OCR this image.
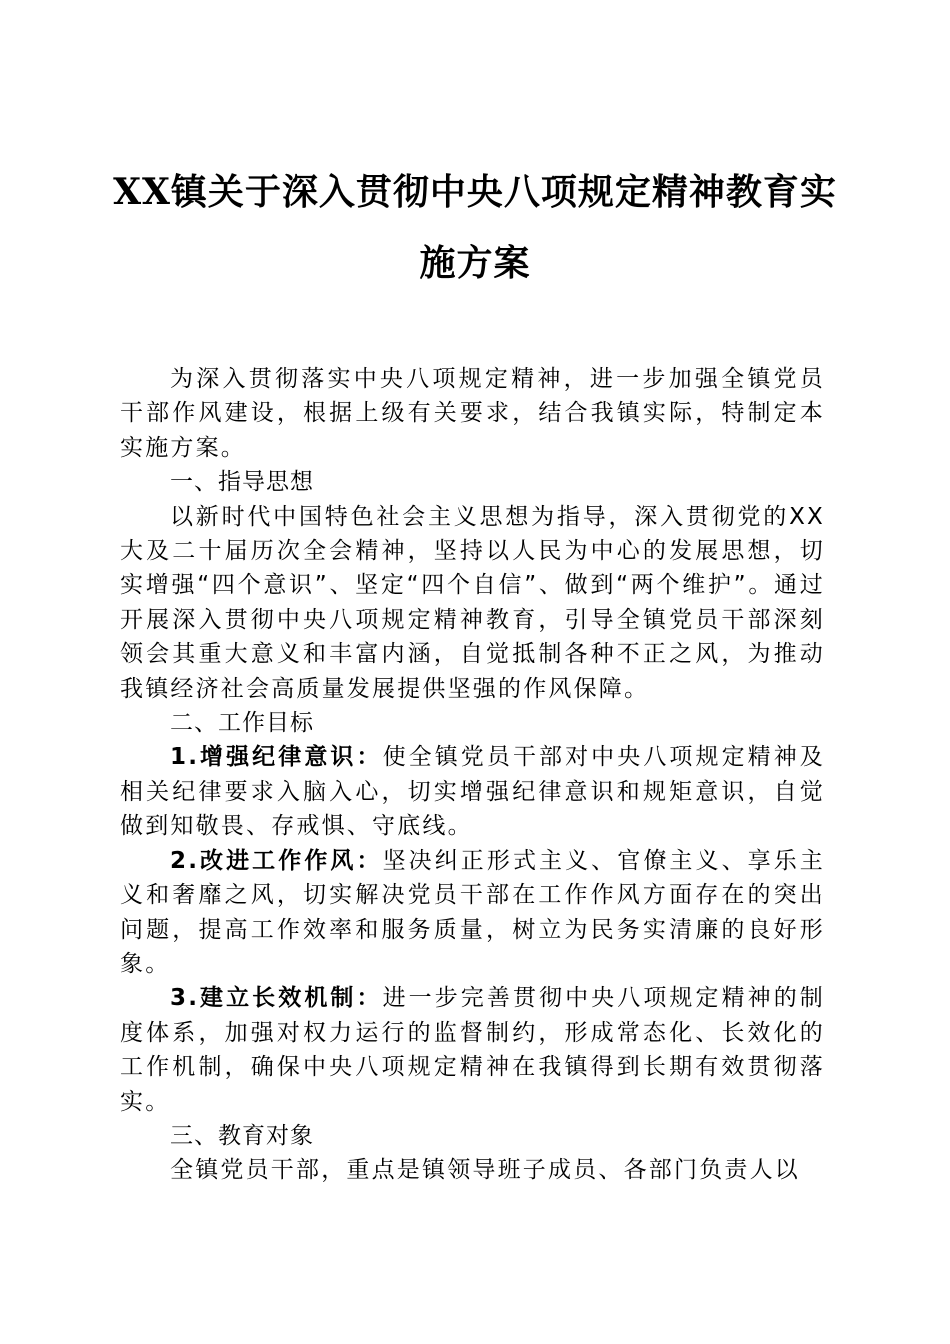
XX镇关于深入贯彻中央八项规定精神教育实
施方案

为深入贯彻落实中央八项规定精神，进一步加强全镇党员干部作风建设，根据上级有关要求，结合我镇实际，特制定本实施方案。

一、指导思想

以新时代中国特色社会主义思想为指导，深入贯彻党的XX大及二十届历次全会精神，坚持以人民为中心的发展思想，切实增强“四个意识”、坚定“四个自信”、做到“两个维护”。通过开展深入贯彻中央八项规定精神教育，引导全镇党员干部深刻领会其重大意义和丰富内涵，自觉抵制各种不正之风，为推动我镇经济社会高质量发展提供坚强的作风保障。

二、工作目标

1.增强纪律意识：使全镇党员干部对中央八项规定精神及相关纪律要求入脑入心，切实增强纪律意识和规矩意识，自觉做到知敬畏、存戒惧、守底线。

2.改进工作作风：坚决纠正形式主义、官僚主义、享乐主义和奢靡之风，切实解决党员干部在工作作风方面存在的突出问题，提高工作效率和服务质量，树立为民务实清廉的良好形象。

3.建立长效机制：进一步完善贯彻中央八项规定精神的制度体系，加强对权力运行的监督制约，形成常态化、长效化的工作机制，确保中央八项规定精神在我镇得到长期有效贯彻落实。

三、教育对象

全镇党员干部，重点是镇领导班子成员、各部门负责人以
